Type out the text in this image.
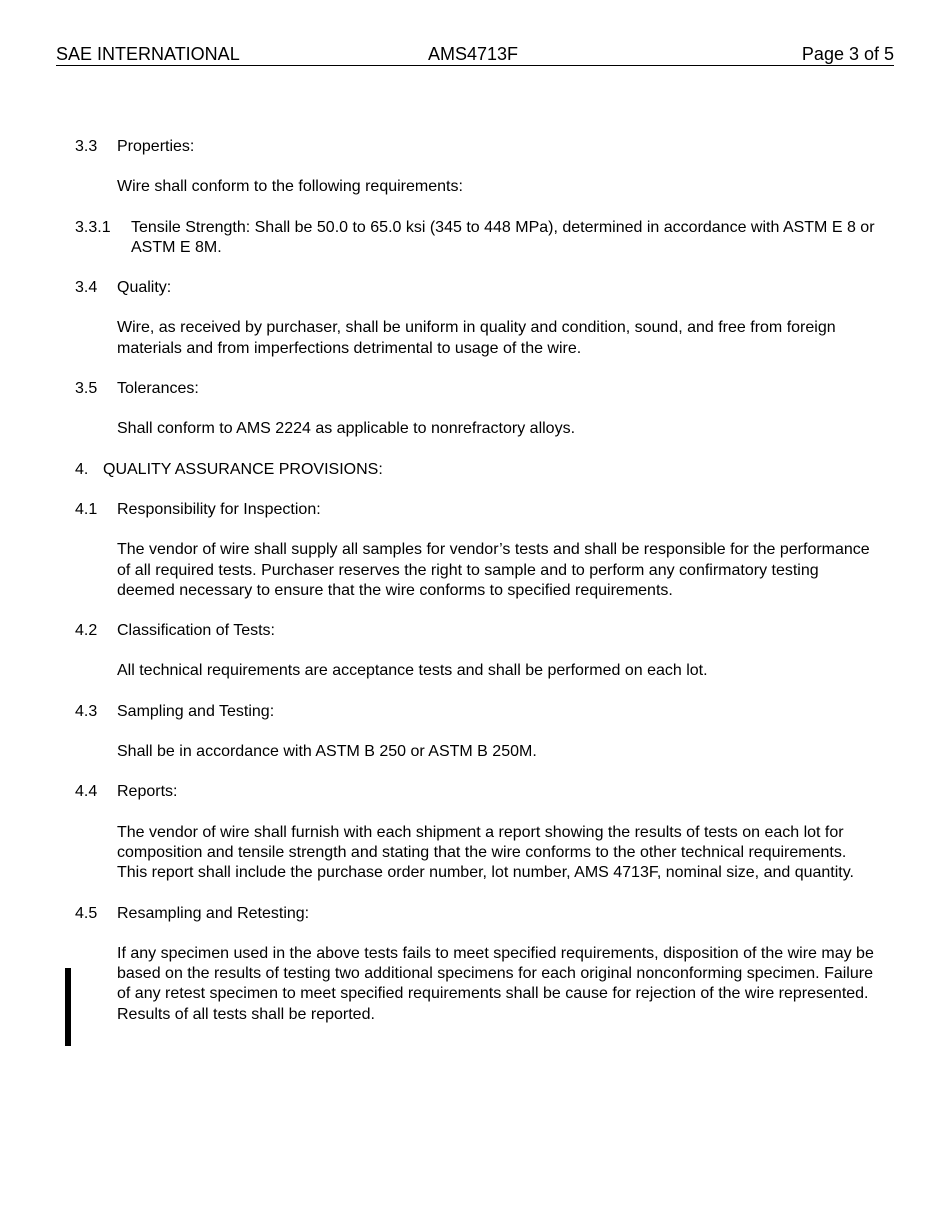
SAE INTERNATIONAL	AMS4713F	Page 3 of 5
3.3	Properties:
Wire shall conform to the following requirements:
3.3.1	Tensile Strength: Shall be 50.0 to 65.0 ksi (345 to 448 MPa), determined in accordance with ASTM E 8 or ASTM E 8M.
3.4	Quality:
Wire, as received by purchaser, shall be uniform in quality and condition, sound, and free from foreign materials and from imperfections detrimental to usage of the wire.
3.5	Tolerances:
Shall conform to AMS 2224 as applicable to nonrefractory alloys.
4. QUALITY ASSURANCE PROVISIONS:
4.1	Responsibility for Inspection:
The vendor of wire shall supply all samples for vendor’s tests and shall be responsible for the performance of all required tests. Purchaser reserves the right to sample and to perform any confirmatory testing deemed necessary to ensure that the wire conforms to specified requirements.
4.2	Classification of Tests:
All technical requirements are acceptance tests and shall be performed on each lot.
4.3	Sampling and Testing:
Shall be in accordance with ASTM B 250 or ASTM B 250M.
4.4	Reports:
The vendor of wire shall furnish with each shipment a report showing the results of tests on each lot for composition and tensile strength and stating that the wire conforms to the other technical requirements. This report shall include the purchase order number, lot number, AMS 4713F, nominal size, and quantity.
4.5	Resampling and Retesting:
If any specimen used in the above tests fails to meet specified requirements, disposition of the wire may be based on the results of testing two additional specimens for each original nonconforming specimen. Failure of any retest specimen to meet specified requirements shall be cause for rejection of the wire represented. Results of all tests shall be reported.
